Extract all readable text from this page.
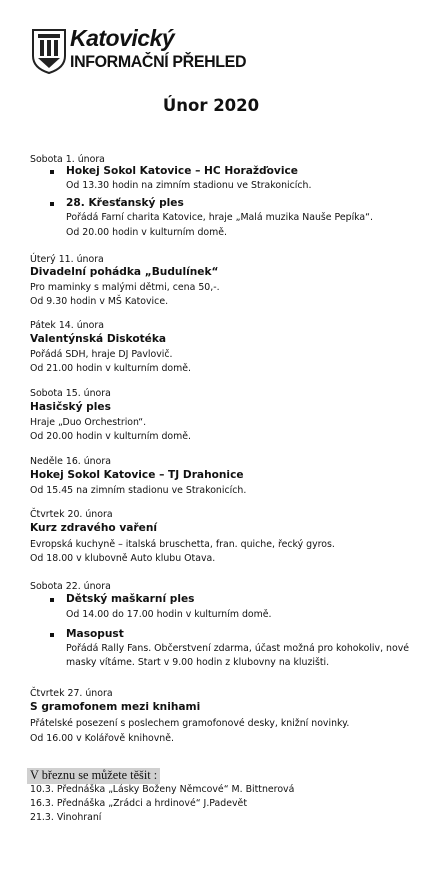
Katovický
INFORMAČNÍ PŘEHLED
Únor 2020
Sobota 1. února
Hokej Sokol Katovice – HC Horažďovice
Od 13.30 hodin na zimním stadionu ve Strakonicích.
28. Křesťanský ples
Pořádá Farní charita Katovice, hraje „Malá muzika Nauše Pepíka“.
Od 20.00 hodin v kulturním domě.
Úterý 11. února
Divadelní pohádka „Budulínek“
Pro maminky s malými dětmi, cena 50,-.
Od 9.30 hodin v MŠ Katovice.
Pátek 14. února
Valentýnská Diskotéka
Pořádá SDH, hraje DJ Pavlovič.
Od 21.00 hodin v kulturním domě.
Sobota 15. února
Hasičský ples
Hraje „Duo Orchestrion“.
Od 20.00 hodin v kulturním domě.
Neděle 16. února
Hokej Sokol Katovice – TJ Drahonice
Od 15.45 na zimním stadionu ve Strakonicích.
Čtvrtek 20. února
Kurz zdravého vaření
Evropská kuchyně – italská bruschetta, fran. quiche, řecký gyros.
Od 18.00 v klubovně Auto klubu Otava.
Sobota 22. února
Dětský maškarní ples
Od 14.00 do 17.00 hodin v kulturním domě.
Masopust
Pořádá Rally Fans. Občerstvení zdarma, účast možná pro kohokoliv, nové
masky vítáme. Start v 9.00 hodin z klubovny na kluzišti.
Čtvrtek 27. února
S gramofonem mezi knihami
Přátelské posezení s poslechem gramofonové desky, knižní novinky.
Od 16.00 v Kolářově knihovně.
V březnu se můžete těšit :
10.3. Přednáška „Lásky Boženy Němcové“ M. Bittnerová
16.3. Přednáška „Zrádci a hrdinové“ J.Padevět
21.3. Vinohraní
